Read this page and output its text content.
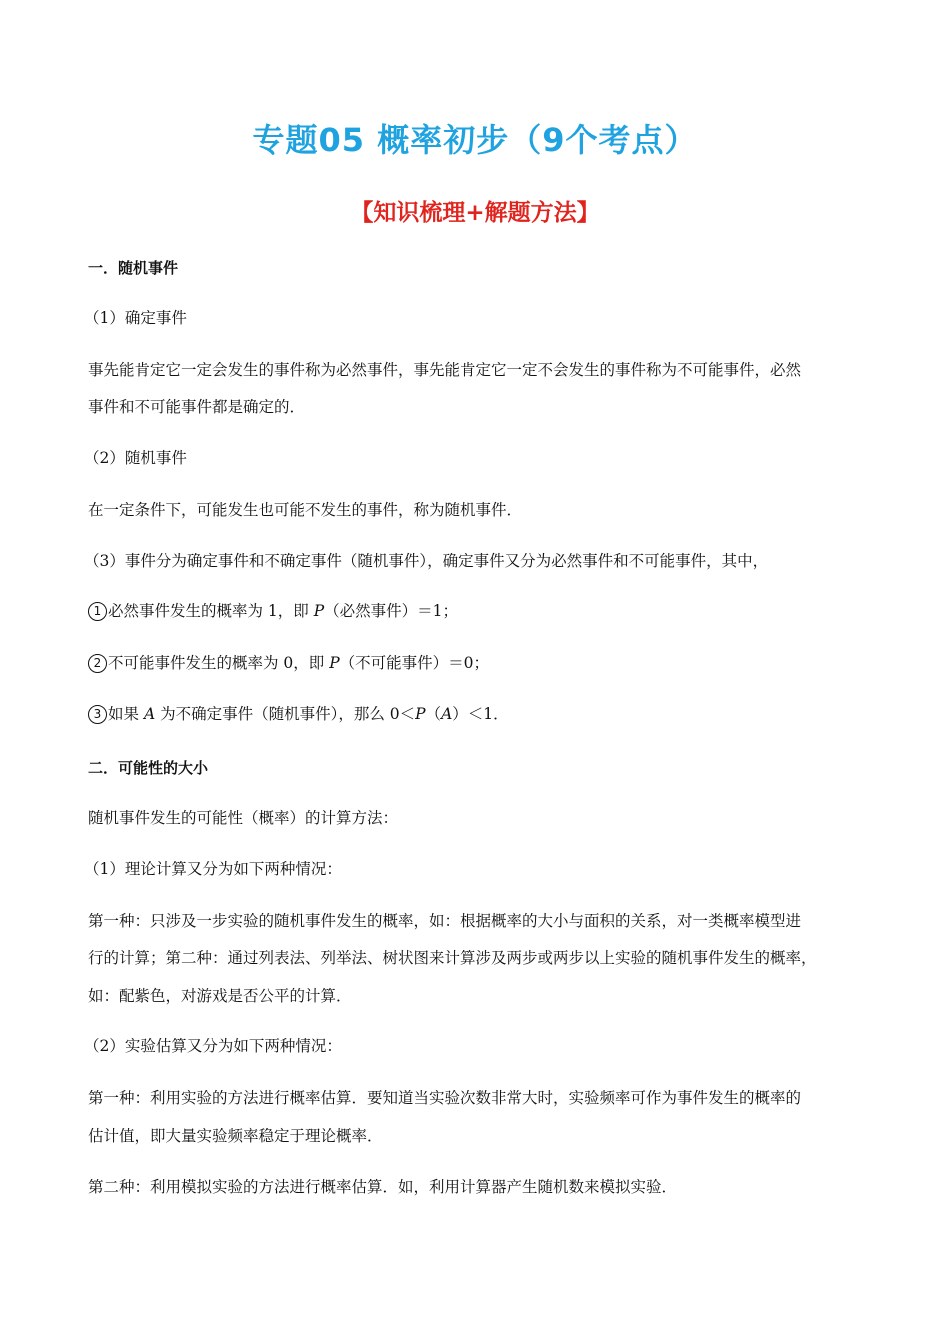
专题05 概率初步（9个考点）
【知识梳理+解题方法】
一．随机事件
（1）确定事件
事先能肯定它一定会发生的事件称为必然事件，事先能肯定它一定不会发生的事件称为不可能事件，必然
事件和不可能事件都是确定的．
（2）随机事件
在一定条件下，可能发生也可能不发生的事件，称为随机事件．
（3）事件分为确定事件和不确定事件（随机事件），确定事件又分为必然事件和不可能事件，其中，
1 必然事件发生的概率为 1，即 P（必然事件）＝1；
2 不可能事件发生的概率为 0，即 P（不可能事件）＝0；
3 如果 A 为不确定事件（随机事件），那么 0＜P（A）＜1．
二．可能性的大小
随机事件发生的可能性（概率）的计算方法：
（1）理论计算又分为如下两种情况：
第一种：只涉及一步实验的随机事件发生的概率，如：根据概率的大小与面积的关系，对一类概率模型进
行的计算；第二种：通过列表法、列举法、树状图来计算涉及两步或两步以上实验的随机事件发生的概率，
如：配紫色，对游戏是否公平的计算．
（2）实验估算又分为如下两种情况：
第一种：利用实验的方法进行概率估算．要知道当实验次数非常大时，实验频率可作为事件发生的概率的
估计值，即大量实验频率稳定于理论概率．
第二种：利用模拟实验的方法进行概率估算．如，利用计算器产生随机数来模拟实验．
